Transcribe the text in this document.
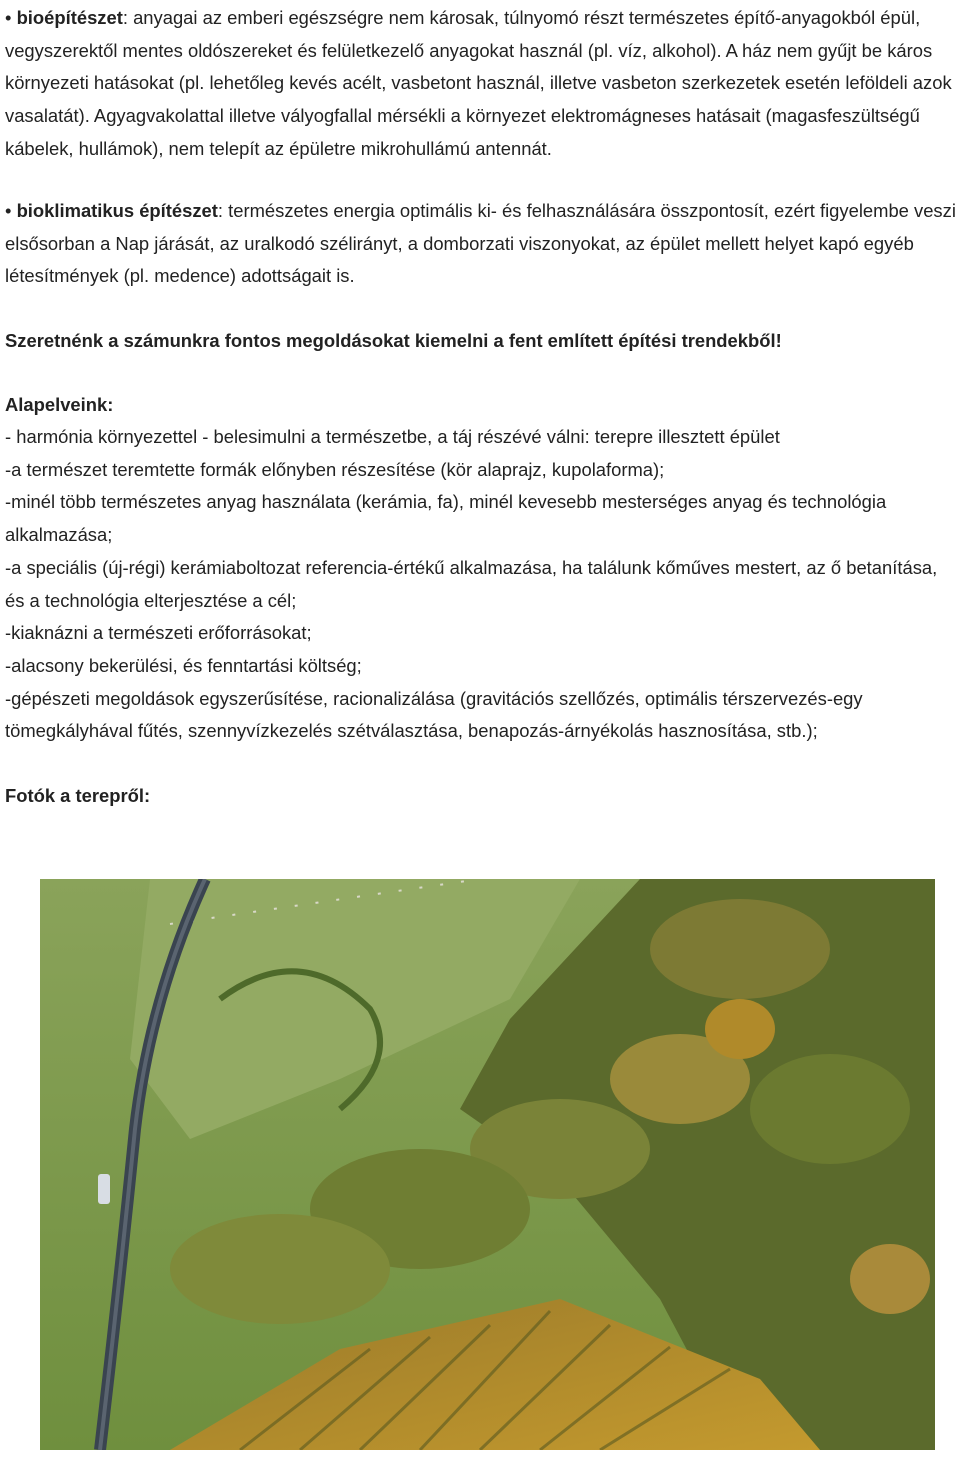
• bioépítészet: anyagai az emberi egészségre nem károsak, túlnyomó részt természetes építő-anyagokból épül, vegyszerektől mentes oldószereket és felületkezelő anyagokat használ (pl. víz, alkohol). A ház nem gyűjt be káros környezeti hatásokat (pl. lehetőleg kevés acélt, vasbetont használ, illetve vasbeton szerkezetek esetén leföldeli azok vasalatát). Agyagvakolattal illetve vályogfallal mérsékli a környezet elektromágneses hatásait (magasfeszültségű kábelek, hullámok), nem telepít az épületre mikrohullámú antennát.

• bioklimatikus építészet: természetes energia optimális ki- és felhasználására összpontosít, ezért figyelembe veszi elsősorban a Nap járását, az uralkodó szélirányt, a domborzati viszonyokat, az épület mellett helyet kapó egyéb létesítmények (pl. medence) adottságait is.

Szeretnénk a számunkra fontos megoldásokat kiemelni a fent említett építési trendekből!

Alapelveink:

- harmónia környezettel - belesimulni a természetbe, a táj részévé válni: terepre illesztett épület

-a természet teremtette formák előnyben részesítése (kör alaprajz, kupolaforma);

-minél több természetes anyag használata (kerámia, fa), minél kevesebb mesterséges anyag és technológia alkalmazása;

-a speciális (új-régi) kerámiaboltozat referencia-értékű alkalmazása, ha találunk kőműves mestert, az ő betanítása, és a technológia elterjesztése a cél;

-kiaknázni a természeti erőforrásokat;

-alacsony bekerülési, és fenntartási költség;

-gépészeti megoldások egyszerűsítése, racionalizálása (gravitációs szellőzés, optimális térszervezés-egy tömegkályhával fűtés, szennyvízkezelés szétválasztása, benapozás-árnyékolás hasznosítása, stb.);

Fotók a terepről:
